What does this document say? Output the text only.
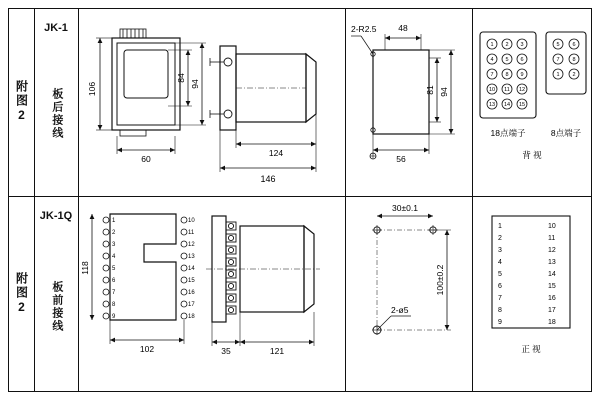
附图2
JK-1
板后接线	106
84
94
60
124
146
2-R2.5	48
81 94
56
1 2 3
4 5 6
7 8 9
10 11 12
13 14 15
5 6
7 8
1 2
18点端子	8点端子
背 视
附图2
JK-1Q
板前接线
1
2
3
4
5
6
7
8
9
10
11
12
13
14
15
16
17
18
118
102	35	121
30±0.1
100±0.2
2-ø5
1	10
2	11
3	12
4	13
5	14
6	15
7	16
8	17
9	18
正 视
